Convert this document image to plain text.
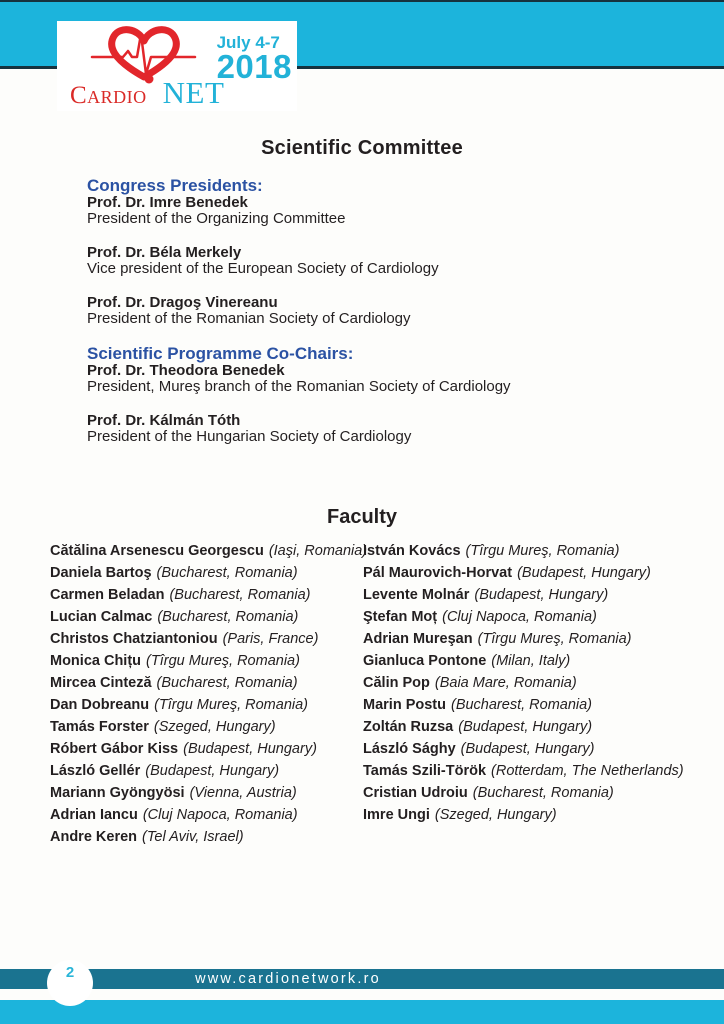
Cardio NET
July 4-7
2018
Scientific Committee

Congress Presidents:

Prof. Dr. Imre Benedek
President of the Organizing Committee
Prof. Dr. Béla Merkely
Vice president of the European Society of Cardiology
Prof. Dr. Dragoş Vinereanu
President of the Romanian Society of Cardiology

Scientific Programme Co-Chairs:

Prof. Dr. Theodora Benedek
President, Mureş branch of the Romanian Society of Cardiology
Prof. Dr. Kálmán Tóth
President of the Hungarian Society of Cardiology
Faculty
Cătălina Arsenescu Georgescu (Iaşi, Romania)
Daniela Bartoş (Bucharest, Romania)
Carmen Beladan (Bucharest, Romania)
Lucian Calmac (Bucharest, Romania)
Christos Chatziantoniou (Paris, France)
Monica Chițu (Tîrgu Mureş, Romania)
Mircea Cinteză (Bucharest, Romania)
Dan Dobreanu (Tîrgu Mureş, Romania)
Tamás Forster (Szeged, Hungary)
Róbert Gábor Kiss (Budapest, Hungary)
László Gellér (Budapest, Hungary)
Mariann Gyöngyösi (Vienna, Austria)
Adrian Iancu (Cluj Napoca, Romania)
Andre Keren (Tel Aviv, Israel)
István Kovács (Tîrgu Mureş, Romania)
Pál Maurovich-Horvat (Budapest, Hungary)
Levente Molnár (Budapest, Hungary)
Ştefan Moț (Cluj Napoca, Romania)
Adrian Mureşan (Tîrgu Mureş, Romania)
Gianluca Pontone (Milan, Italy)
Călin Pop (Baia Mare, Romania)
Marin Postu (Bucharest, Romania)
Zoltán Ruzsa (Budapest, Hungary)
László Sághy (Budapest, Hungary)
Tamás Szili-Török (Rotterdam, The Netherlands)
Cristian Udroiu (Bucharest, Romania)
Imre Ungi (Szeged, Hungary)
www.cardionetwork.ro
2
